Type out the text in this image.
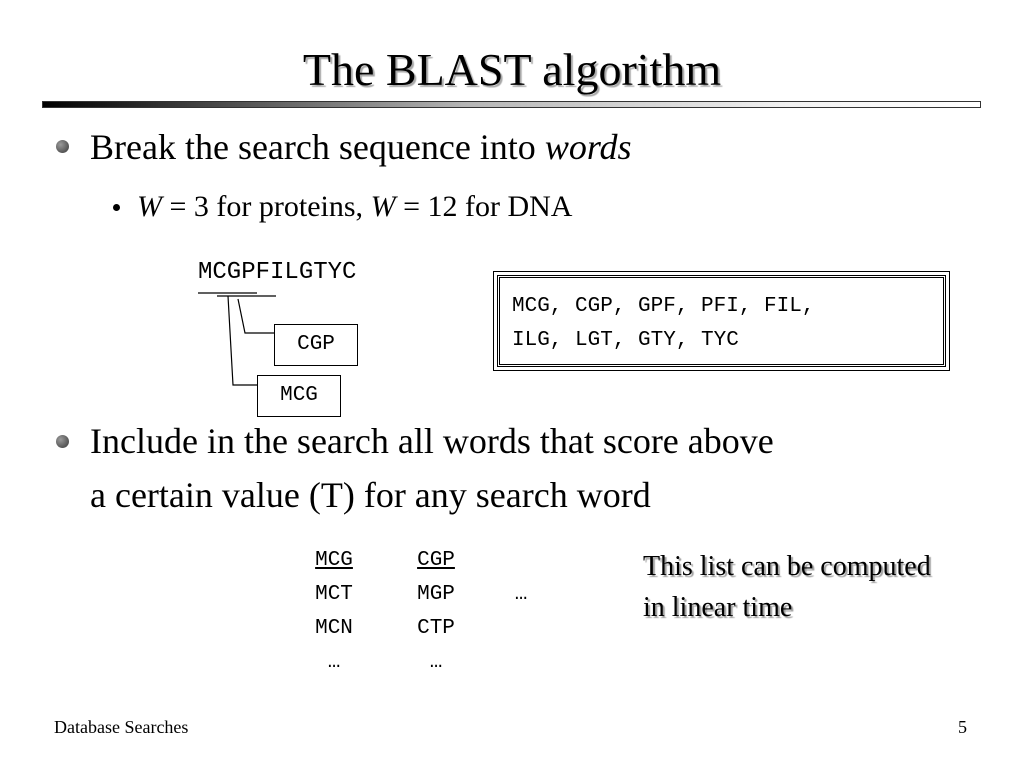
The BLAST algorithm
Break the search sequence into words
W = 3 for proteins, W = 12 for DNA
MCGPFILGTYC
CGP
MCG
MCG, CGP, GPF, PFI, FIL,
ILG, LGT, GTY, TYC
Include in the search all words that score above
a certain value (T) for any search word
MCG
MCT
MCN
…
CGP
MGP
CTP
…
…
This list can be computed in linear time
Database Searches	5
